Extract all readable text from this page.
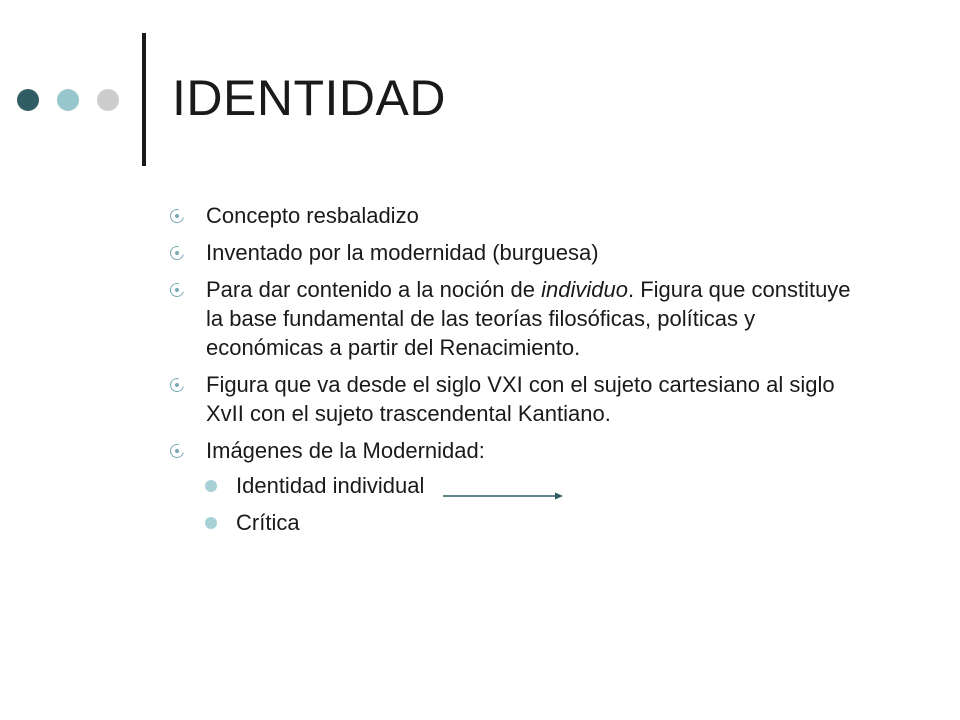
IDENTIDAD
Concepto resbaladizo
Inventado por la modernidad (burguesa)
Para dar contenido a la noción de individuo. Figura que constituye la base fundamental de las teorías filosóficas, políticas y económicas a partir del Renacimiento.
Figura que va desde el siglo VXI con el sujeto cartesiano al siglo XvII con el sujeto trascendental Kantiano.
Imágenes de la Modernidad:
Identidad individual
Crítica
